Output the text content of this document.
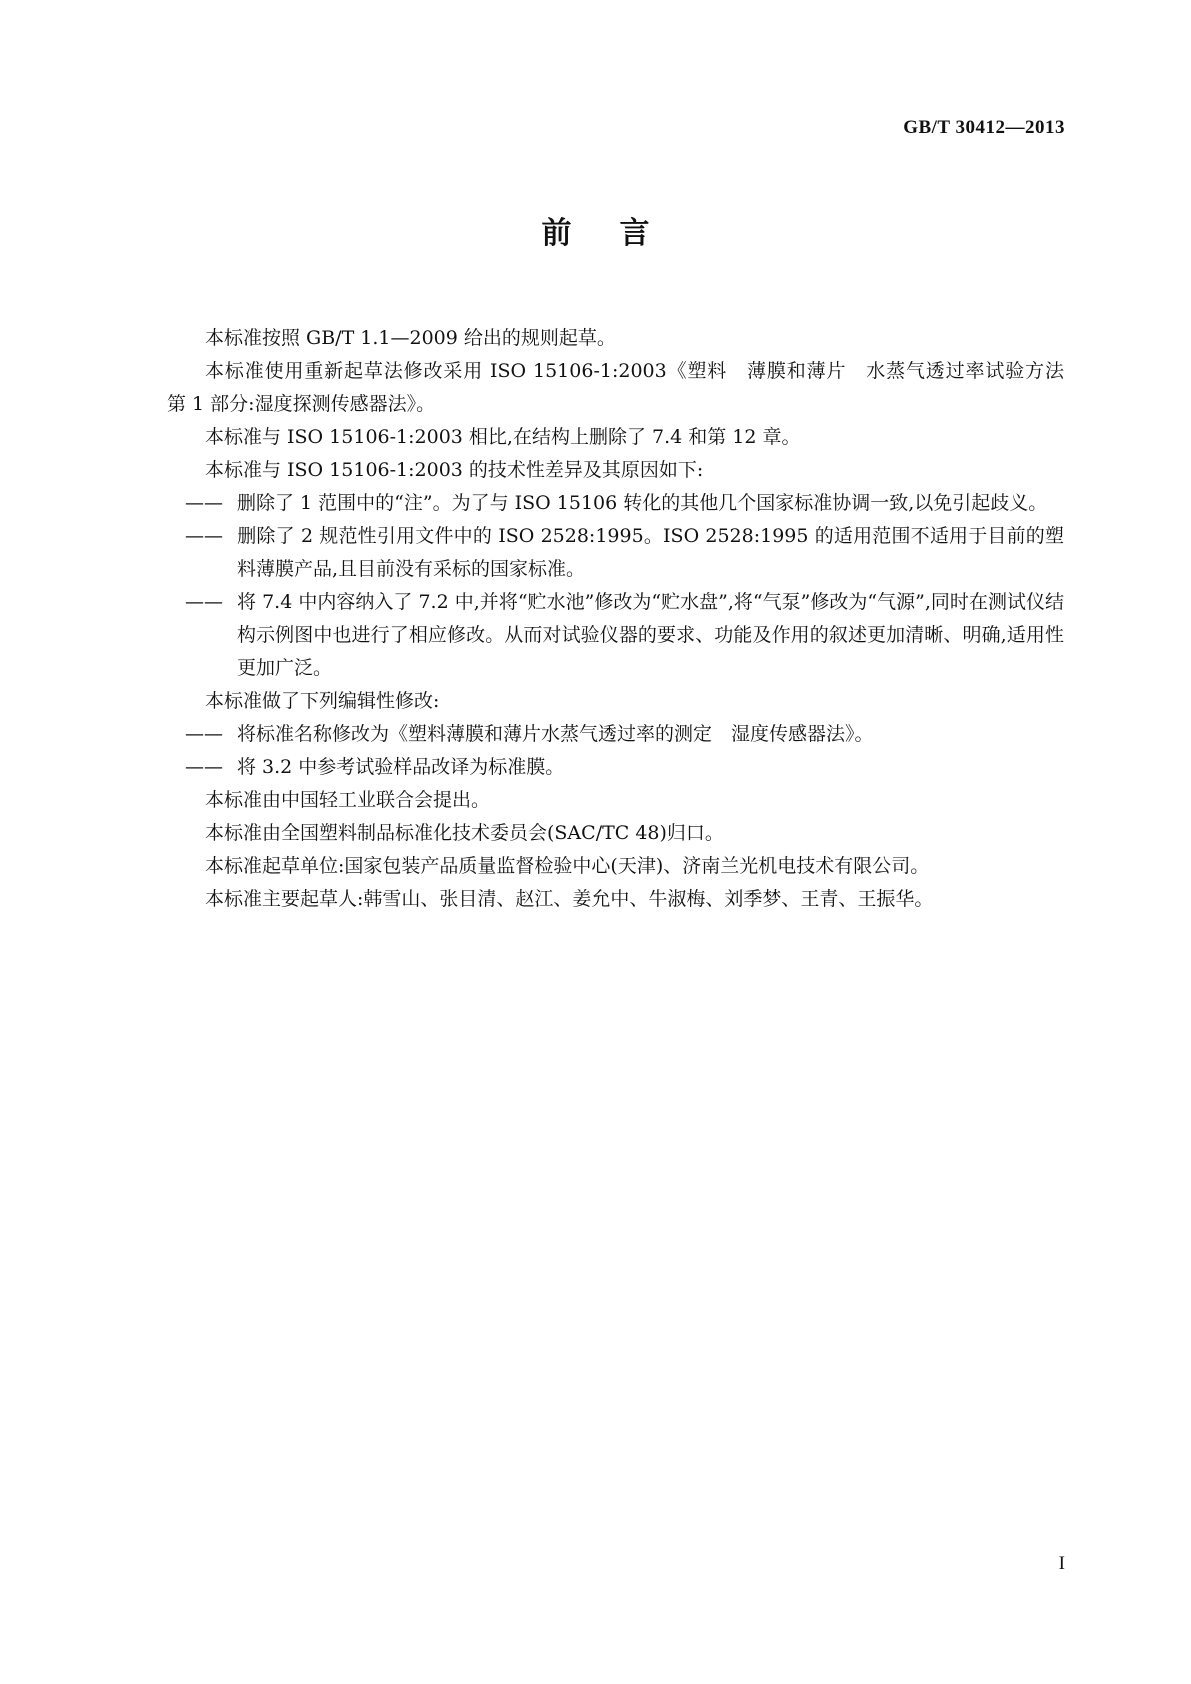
GB/T 30412—2013
前言

本标准按照 GB/T 1.1—2009 给出的规则起草。

本标准使用重新起草法修改采用 ISO 15106-1:2003《塑料　薄膜和薄片　水蒸气透过率试验方法　第 1 部分:湿度探测传感器法》。

本标准与 ISO 15106-1:2003 相比,在结构上删除了 7.4 和第 12 章。

本标准与 ISO 15106-1:2003 的技术性差异及其原因如下:

—— 删除了 1 范围中的“注”。为了与 ISO 15106 转化的其他几个国家标准协调一致,以免引起歧义。

—— 删除了 2 规范性引用文件中的 ISO 2528:1995。ISO 2528:1995 的适用范围不适用于目前的塑料薄膜产品,且目前没有采标的国家标准。

—— 将 7.4 中内容纳入了 7.2 中,并将“贮水池”修改为“贮水盘”,将“气泵”修改为“气源”,同时在测试仪结构示例图中也进行了相应修改。从而对试验仪器的要求、功能及作用的叙述更加清晰、明确,适用性更加广泛。

本标准做了下列编辑性修改:

—— 将标准名称修改为《塑料薄膜和薄片水蒸气透过率的测定　湿度传感器法》。

—— 将 3.2 中参考试验样品改译为标准膜。

本标准由中国轻工业联合会提出。

本标准由全国塑料制品标准化技术委员会(SAC/TC 48)归口。

本标准起草单位:国家包装产品质量监督检验中心(天津)、济南兰光机电技术有限公司。

本标准主要起草人:韩雪山、张目清、赵江、姜允中、牛淑梅、刘季梦、王青、王振华。

I
